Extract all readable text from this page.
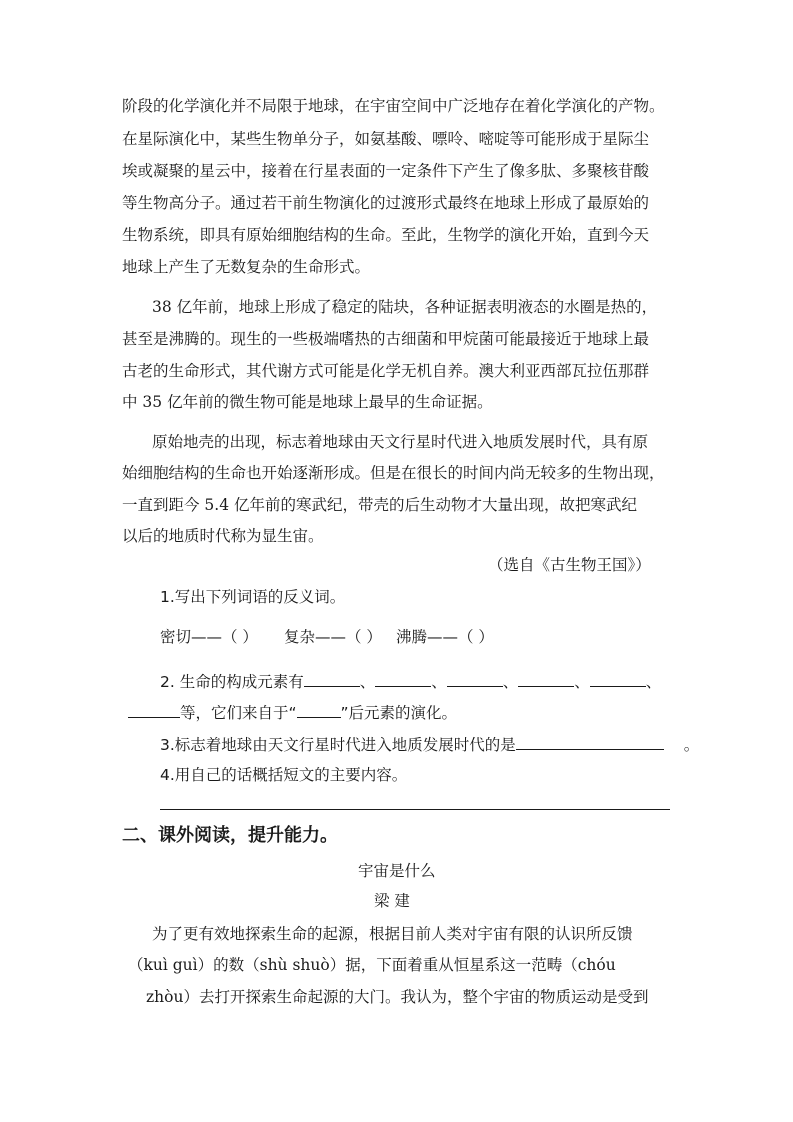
阶段的化学演化并不局限于地球，在宇宙空间中广泛地存在着化学演化的产物。
在星际演化中，某些生物单分子，如氨基酸、嘌呤、嘧啶等可能形成于星际尘
埃或凝聚的星云中，接着在行星表面的一定条件下产生了像多肽、多聚核苷酸
等生物高分子。通过若干前生物演化的过渡形式最终在地球上形成了最原始的
生物系统，即具有原始细胞结构的生命。至此，生物学的演化开始，直到今天
地球上产生了无数复杂的生命形式。
38 亿年前，地球上形成了稳定的陆块，各种证据表明液态的水圈是热的，
甚至是沸腾的。现生的一些极端嗜热的古细菌和甲烷菌可能最接近于地球上最
古老的生命形式，其代谢方式可能是化学无机自养。澳大利亚西部瓦拉伍那群
中 35 亿年前的微生物可能是地球上最早的生命证据。
原始地壳的出现，标志着地球由天文行星时代进入地质发展时代，具有原
始细胞结构的生命也开始逐渐形成。但是在很长的时间内尚无较多的生物出现，
一直到距今 5.4 亿年前的寒武纪，带壳的后生动物才大量出现，故把寒武纪
以后的地质时代称为显生宙。
（选自《古生物王国》）
1.写出下列词语的反义词。
密切——（ ） 复杂——（ ） 沸腾——（ ）
2. 生命的构成元素有	、	、	、	、	、
等，它们来自于“	”后元素的演化。
3.标志着地球由天文行星时代进入地质发展时代的是	。
4.用自己的话概括短文的主要内容。
二、课外阅读，提升能力。
宇宙是什么
梁 建
为了更有效地探索生命的起源，根据目前人类对宇宙有限的认识所反馈
（kuì guì）的数（shù shuò）据，下面着重从恒星系这一范畴（chóu
zhòu）去打开探索生命起源的大门。我认为，整个宇宙的物质运动是受到
